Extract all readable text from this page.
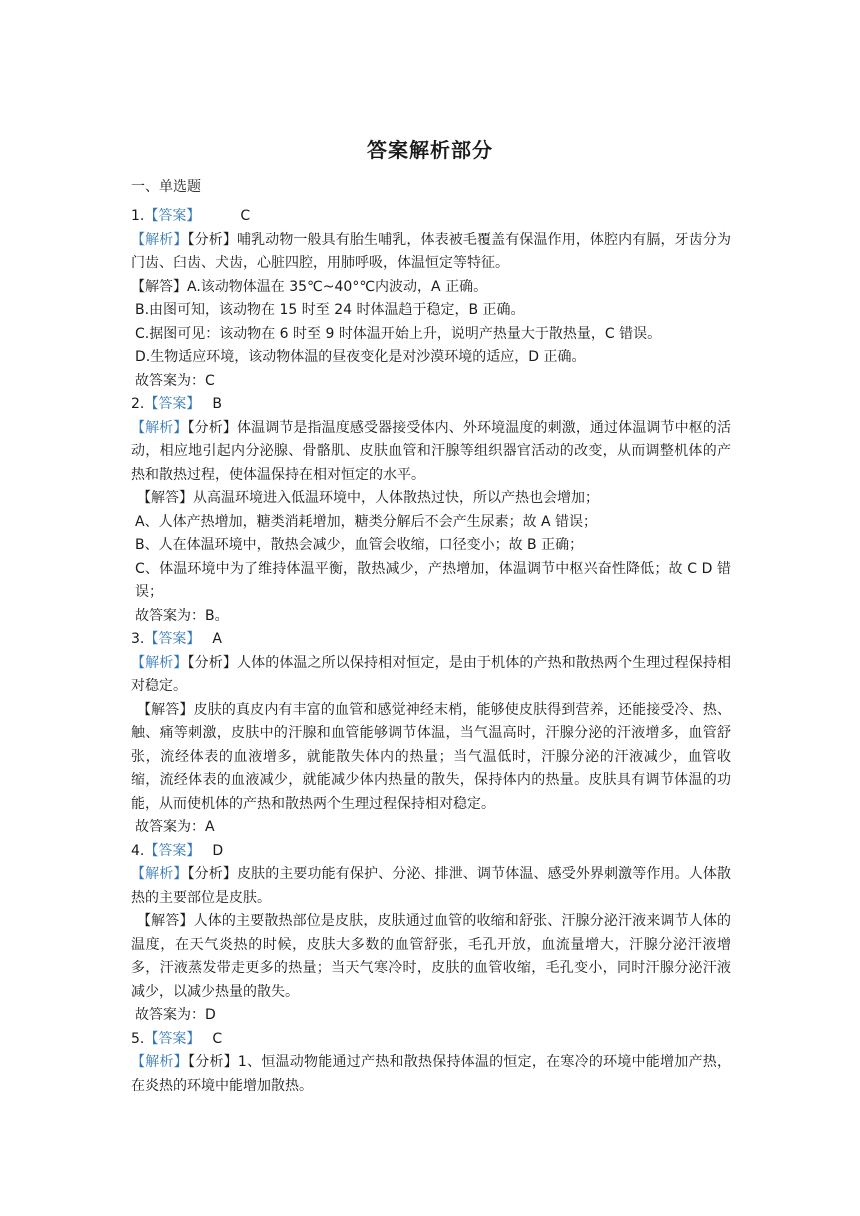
答案解析部分
一、单选题

1.【答案】	C

【解析】【分析】哺乳动物一般具有胎生哺乳，体表被毛覆盖有保温作用，体腔内有膈，牙齿分为门齿、臼齿、犬齿，心脏四腔，用肺呼吸，体温恒定等特征。

【解答】A.该动物体温在 35℃~40°℃内波动，A 正确。

B.由图可知，该动物在 15 时至 24 时体温趋于稳定，B 正确。

C.据图可见：该动物在 6 时至 9 时体温开始上升，说明产热量大于散热量，C 错误。

D.生物适应环境，该动物体温的昼夜变化是对沙漠环境的适应，D 正确。

故答案为：C

2.【答案】 B

【解析】【分析】体温调节是指温度感受器接受体内、外环境温度的刺激，通过体温调节中枢的活动，相应地引起内分泌腺、骨骼肌、皮肤血管和汗腺等组织器官活动的改变，从而调整机体的产热和散热过程，使体温保持在相对恒定的水平。

【解答】从高温环境进入低温环境中，人体散热过快，所以产热也会增加；

A、人体产热增加，糖类消耗增加，糖类分解后不会产生尿素；故 A 错误；

B、人在体温环境中，散热会减少，血管会收缩，口径变小；故 B 正确；

C、体温环境中为了维持体温平衡，散热减少，产热增加，体温调节中枢兴奋性降低；故 C D 错误；

故答案为：B。

3.【答案】 A

【解析】【分析】人体的体温之所以保持相对恒定，是由于机体的产热和散热两个生理过程保持相对稳定。

【解答】皮肤的真皮内有丰富的血管和感觉神经末梢，能够使皮肤得到营养，还能接受冷、热、触、痛等刺激，皮肤中的汗腺和血管能够调节体温，当气温高时，汗腺分泌的汗液增多，血管舒张，流经体表的血液增多，就能散失体内的热量；当气温低时，汗腺分泌的汗液减少，血管收缩，流经体表的血液减少，就能减少体内热量的散失，保持体内的热量。皮肤具有调节体温的功能，从而使机体的产热和散热两个生理过程保持相对稳定。

故答案为：A

4.【答案】 D

【解析】【分析】皮肤的主要功能有保护、分泌、排泄、调节体温、感受外界刺激等作用。人体散热的主要部位是皮肤。

【解答】人体的主要散热部位是皮肤，皮肤通过血管的收缩和舒张、汗腺分泌汗液来调节人体的温度，在天气炎热的时候，皮肤大多数的血管舒张，毛孔开放，血流量增大，汗腺分泌汗液增多，汗液蒸发带走更多的热量；当天气寒冷时，皮肤的血管收缩，毛孔变小，同时汗腺分泌汗液减少，以减少热量的散失。

故答案为：D

5.【答案】 C

【解析】【分析】1、恒温动物能通过产热和散热保持体温的恒定，在寒冷的环境中能增加产热，在炎热的环境中能增加散热。
